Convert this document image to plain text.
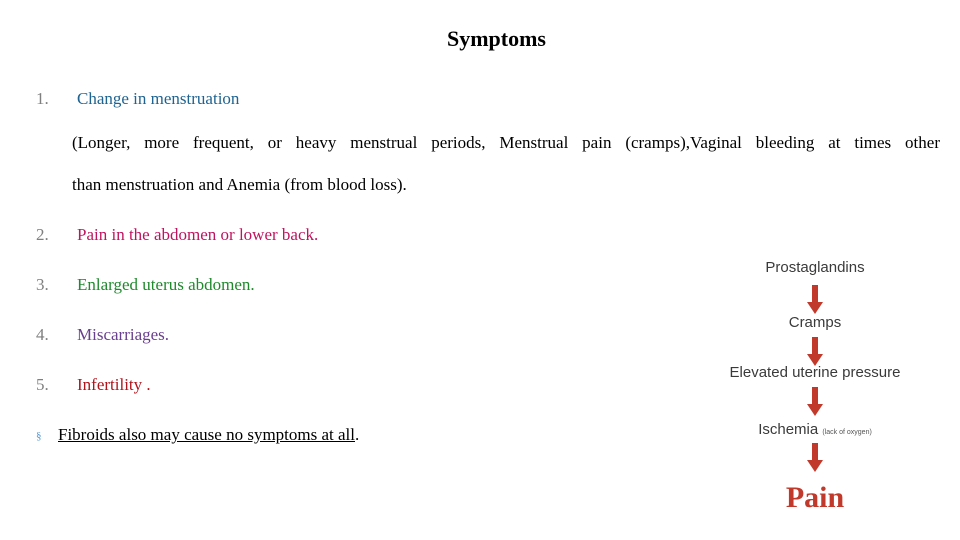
Symptoms
1. Change in menstruation
(Longer, more frequent, or heavy menstrual periods, Menstrual pain (cramps),Vaginal bleeding at times other
than menstruation and Anemia (from blood loss).
2. Pain in the abdomen or lower back.
3. Enlarged uterus abdomen.
4. Miscarriages.
5. Infertility .
§ Fibroids also may cause no symptoms at all.
Prostaglandins
Cramps
Elevated uterine pressure
Ischemia (lack of oxygen)
Pain
